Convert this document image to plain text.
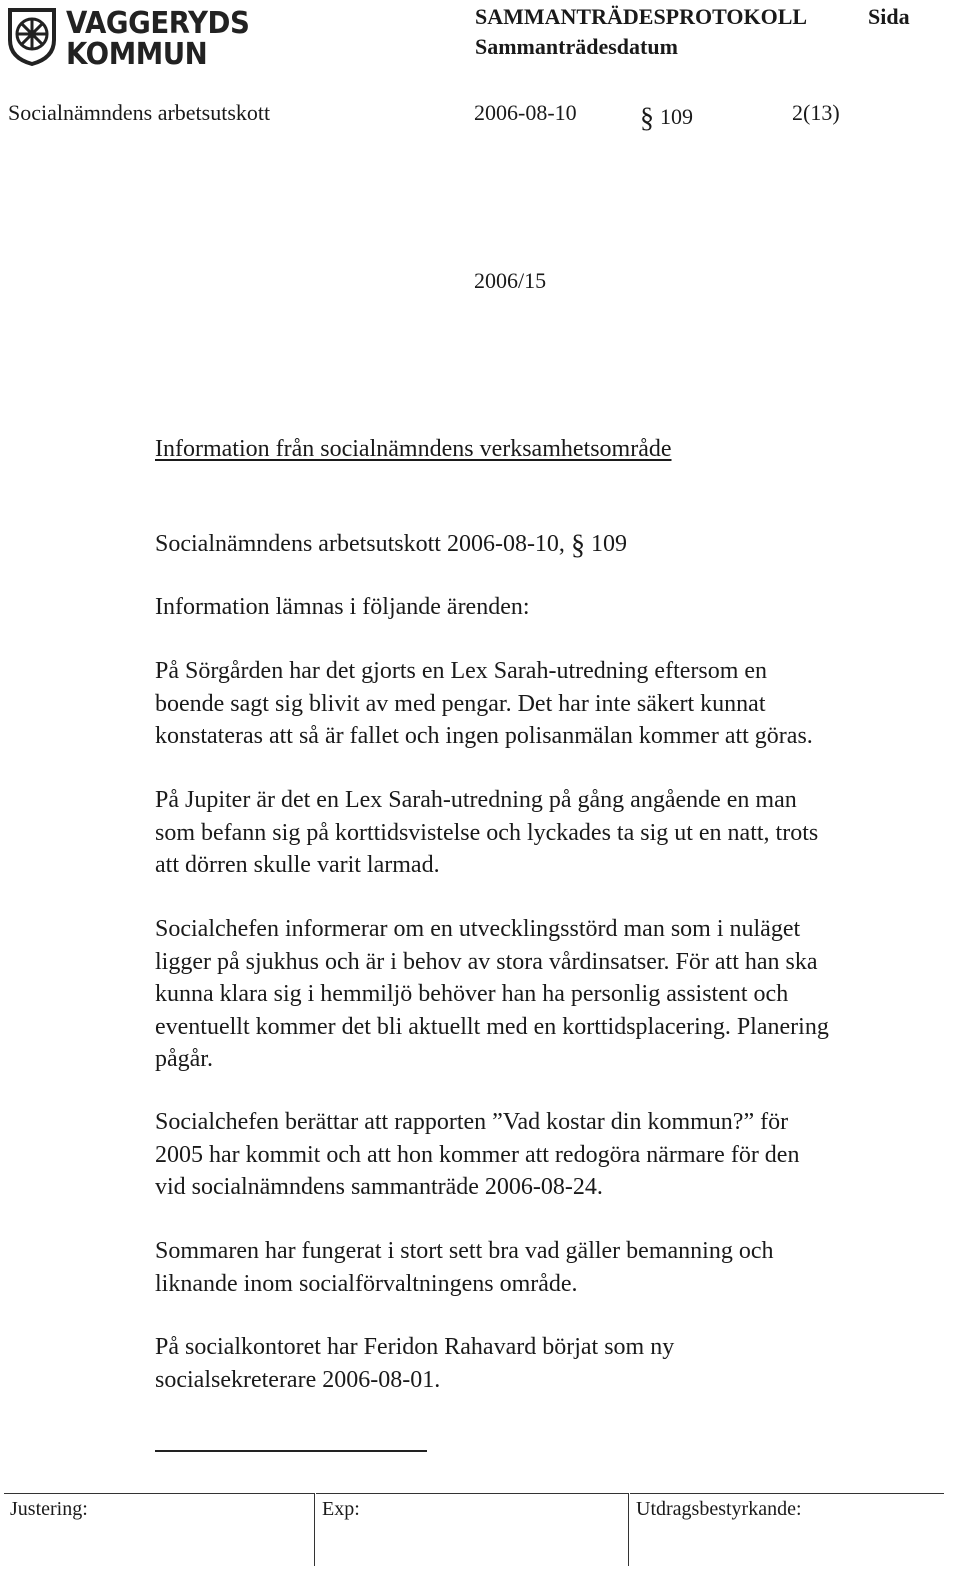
VAGGERYDS
KOMMUN
SAMMANTRÄDESPROTOKOLL	Sida
Sammanträdesdatum
Socialnämndens arbetsutskott	2006-08-10 § 109	2(13)
2006/15
Information från socialnämndens verksamhetsområde
Socialnämndens arbetsutskott 2006-08-10, § 109
Information lämnas i följande ärenden:
På Sörgården har det gjorts en Lex Sarah-utredning eftersom en
boende sagt sig blivit av med pengar. Det har inte säkert kunnat
konstateras att så är fallet och ingen polisanmälan kommer att göras.
På Jupiter är det en Lex Sarah-utredning på gång angående en man
som befann sig på korttidsvistelse och lyckades ta sig ut en natt, trots
att dörren skulle varit larmad.
Socialchefen informerar om en utvecklingsstörd man som i nuläget
ligger på sjukhus och är i behov av stora vårdinsatser. För att han ska
kunna klara sig i hemmiljö behöver han ha personlig assistent och
eventuellt kommer det bli aktuellt med en korttidsplacering. Planering
pågår.
Socialchefen berättar att rapporten ”Vad kostar din kommun?” för
2005 har kommit och att hon kommer att redogöra närmare för den
vid socialnämndens sammanträde 2006-08-24.
Sommaren har fungerat i stort sett bra vad gäller bemanning och
liknande inom socialförvaltningens område.
På socialkontoret har Feridon Rahavard börjat som ny
socialsekreterare 2006-08-01.
Justering:	Exp:	Utdragsbestyrkande:
